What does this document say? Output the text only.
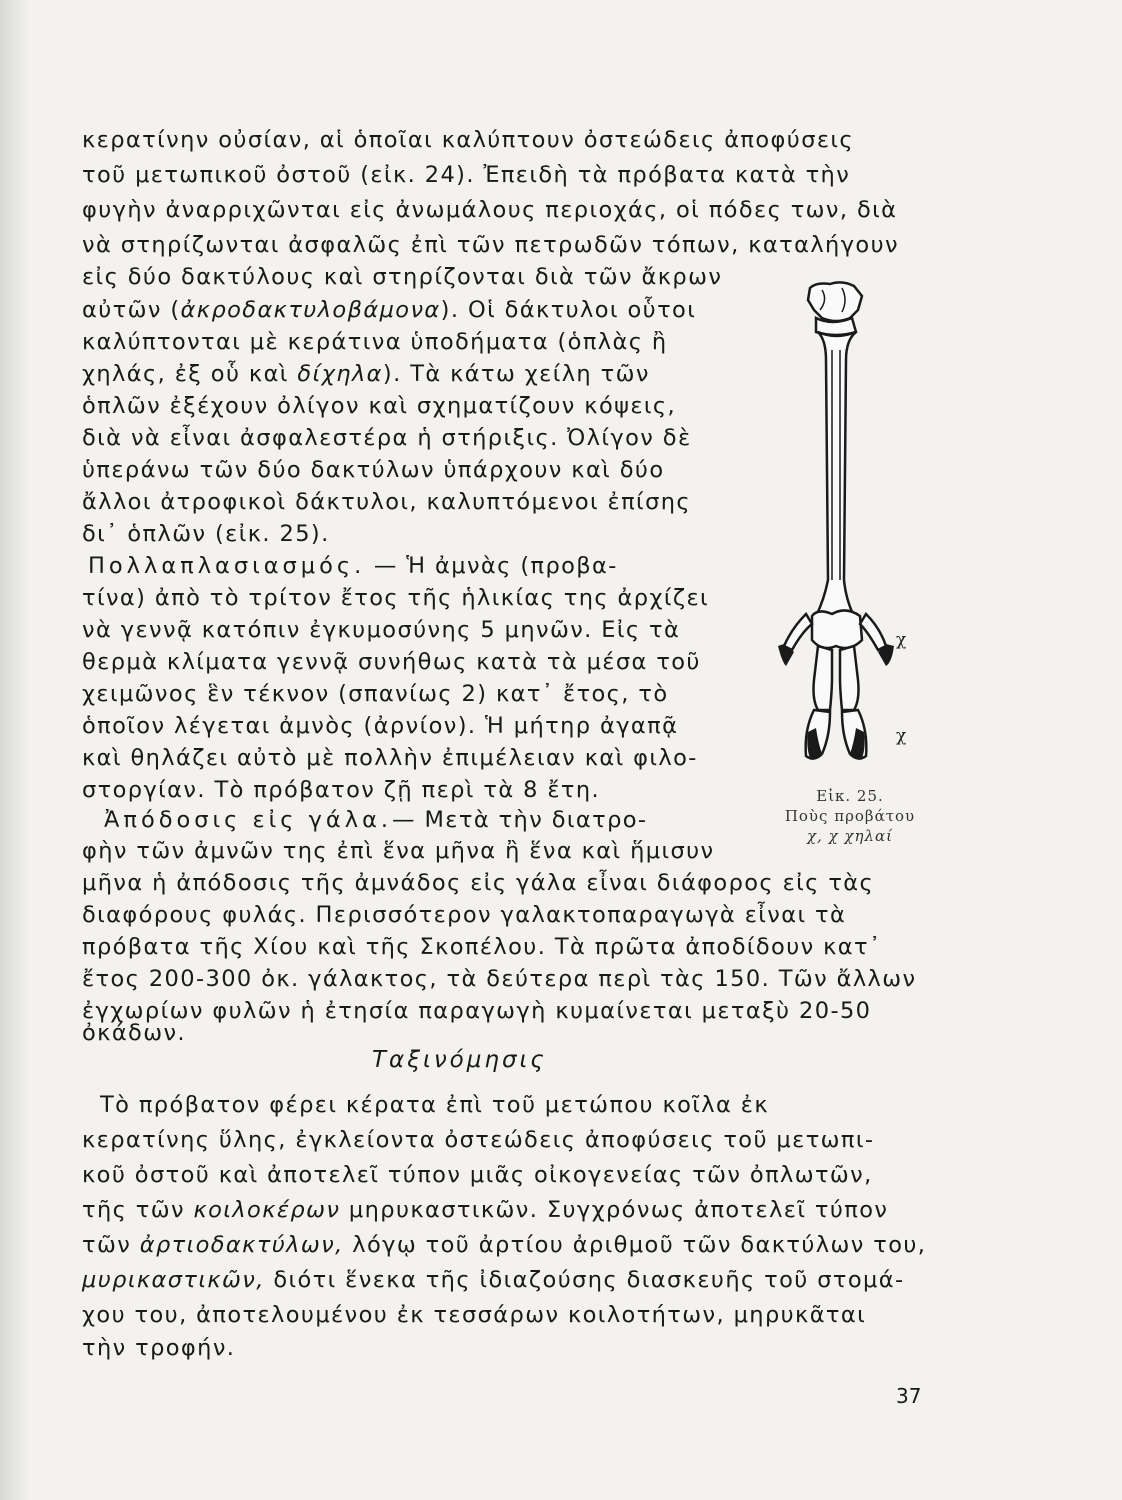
κερατίνην οὐσίαν, αἱ ὁποῖαι καλύπτουν ὀστεώδεις ἀποφύσεις
τοῦ μετωπικοῦ ὀστοῦ (εἰκ. 24). Ἐπειδὴ τὰ πρόβατα κατὰ τὴν
φυγὴν ἀναρριχῶνται εἰς ἀνωμάλους περιοχάς, οἱ πόδες των, διὰ
νὰ στηρίζωνται ἀσφαλῶς ἐπὶ τῶν πετρωδῶν τόπων, καταλήγουν
εἰς δύο δακτύλους καὶ στηρίζονται διὰ τῶν ἄκρων
αὐτῶν (ἀκροδακτυλοβάμονα). Οἱ δάκτυλοι οὗτοι
καλύπτονται μὲ κεράτινα ὑποδήματα (ὁπλὰς ἢ
χηλάς, ἐξ οὗ καὶ δίχηλα). Τὰ κάτω χείλη τῶν
ὁπλῶν ἐξέχουν ὀλίγον καὶ σχηματίζουν κόψεις,
διὰ νὰ εἶναι ἀσφαλεστέρα ἡ στήριξις. Ὀλίγον δὲ
ὑπεράνω τῶν δύο δακτύλων ὑπάρχουν καὶ δύο
ἄλλοι ἀτροφικοὶ δάκτυλοι, καλυπτόμενοι ἐπίσης
δι᾽ ὁπλῶν (εἰκ. 25).
Πολλαπλασιασμός. — Ἡ ἀμνὰς (προβα-
τίνα) ἀπὸ τὸ τρίτον ἔτος τῆς ἡλικίας της ἀρχίζει
νὰ γεννᾷ κατόπιν ἐγκυμοσύνης 5 μηνῶν. Εἰς τὰ
θερμὰ κλίματα γεννᾷ συνήθως κατὰ τὰ μέσα τοῦ
χειμῶνος ἓν τέκνον (σπανίως 2) κατ᾽ ἔτος, τὸ
ὁποῖον λέγεται ἀμνὸς (ἀρνίον). Ἡ μήτηρ ἀγαπᾷ
καὶ θηλάζει αὐτὸ μὲ πολλὴν ἐπιμέλειαν καὶ φιλο-
στοργίαν. Τὸ πρόβατον ζῇ περὶ τὰ 8 ἔτη.
Ἀπόδοσις εἰς γάλα.— Μετὰ τὴν διατρο-
φὴν τῶν ἀμνῶν της ἐπὶ ἕνα μῆνα ἢ ἕνα καὶ ἥμισυν
μῆνα ἡ ἀπόδοσις τῆς ἀμνάδος εἰς γάλα εἶναι διάφορος εἰς τὰς
διαφόρους φυλάς. Περισσότερον γαλακτοπαραγωγὰ εἶναι τὰ
πρόβατα τῆς Χίου καὶ τῆς Σκοπέλου. Τὰ πρῶτα ἀποδίδουν κατ᾽
ἔτος 200-300 ὀκ. γάλακτος, τὰ δεύτερα περὶ τὰς 150. Τῶν ἄλλων
ἐγχωρίων φυλῶν ἡ ἐτησία παραγωγὴ κυμαίνεται μεταξὺ 20-50
ὀκάδων.
Ταξινόμησις
Τὸ πρόβατον φέρει κέρατα ἐπὶ τοῦ μετώπου κοῖλα ἐκ
κερατίνης ὕλης, ἐγκλείοντα ὀστεώδεις ἀποφύσεις τοῦ μετωπι-
κοῦ ὀστοῦ καὶ ἀποτελεῖ τύπον μιᾶς οἰκογενείας τῶν ὀπλωτῶν,
τῆς τῶν κοιλοκέρων μηρυκαστικῶν. Συγχρόνως ἀποτελεῖ τύπον
τῶν ἀρτιοδακτύλων, λόγῳ τοῦ ἀρτίου ἀριθμοῦ τῶν δακτύλων του,
μυρικαστικῶν, διότι ἕνεκα τῆς ἰδιαζούσης διασκευῆς τοῦ στομά-
χου του, ἀποτελουμένου ἐκ τεσσάρων κοιλοτήτων, μηρυκᾶται
τὴν τροφήν.
χ
χ
Εἰκ. 25.
Ποὺς προβάτου
χ, χ χηλαί
37
